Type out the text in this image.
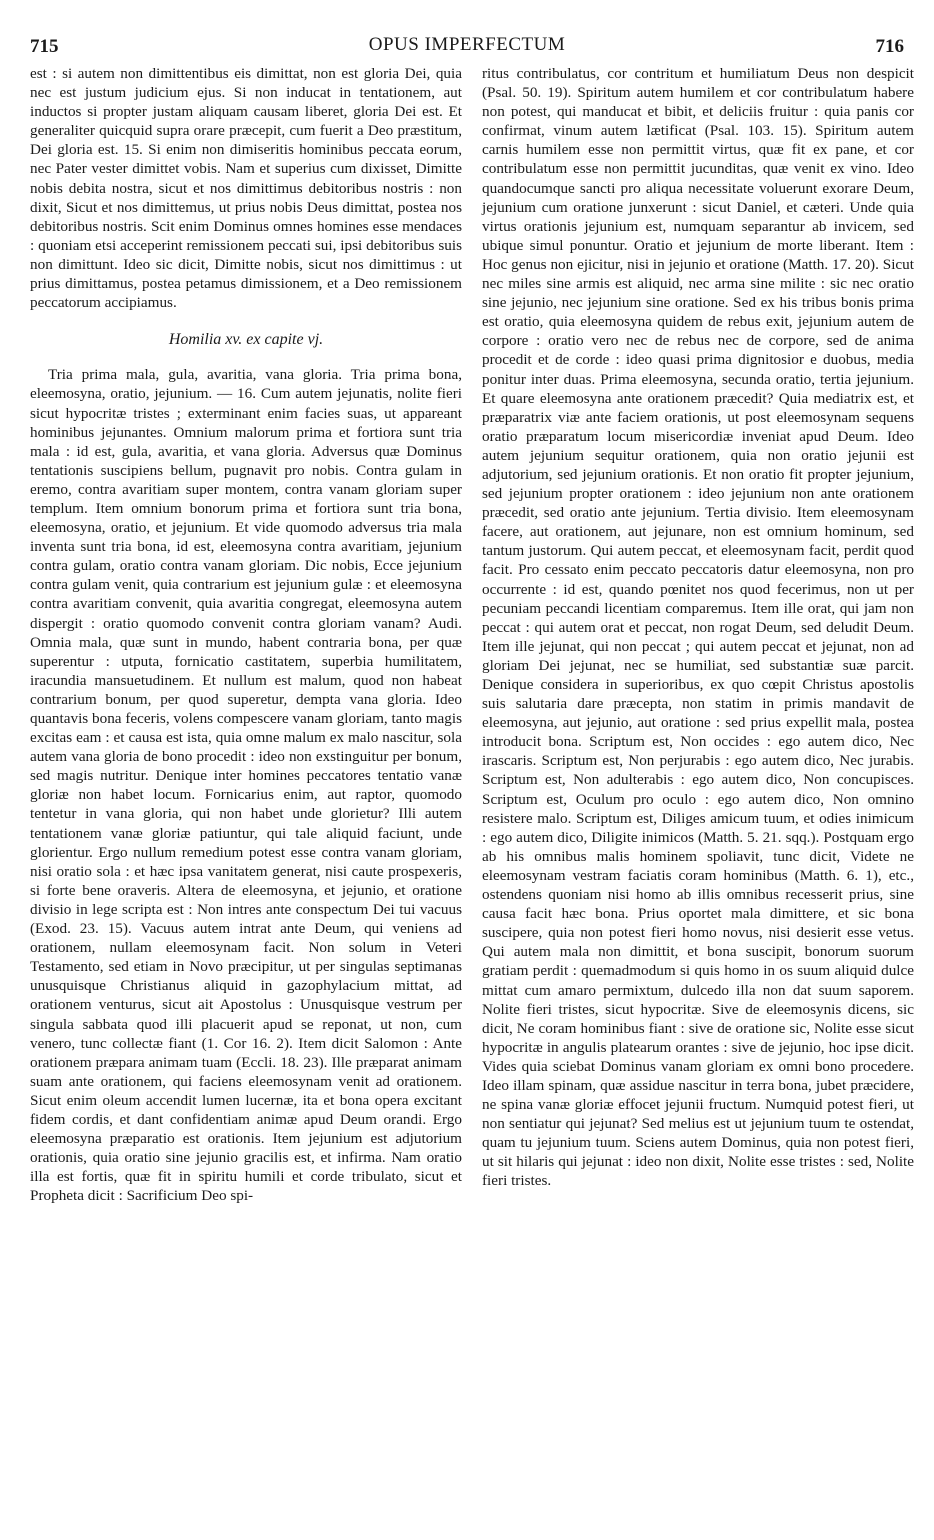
715	OPUS IMPERFECTUM	716

est : si autem non dimittentibus eis dimittat, non est gloria Dei, quia nec est justum judicium ejus. Si non inducat in tentationem, aut inductos si propter justam aliquam causam liberet, gloria Dei est. Et generaliter quicquid supra orare præcepit, cum fuerit a Deo præstitum, Dei gloria est. 15. Si enim non dimiseritis hominibus peccata eorum, nec Pater vester dimittet vobis. Nam et superius cum dixisset, Dimitte nobis debita nostra, sicut et nos dimittimus debitoribus nostris : non dixit, Sicut et nos dimittemus, ut prius nobis Deus dimittat, postea nos debitoribus nostris. Scit enim Dominus omnes homines esse mendaces : quoniam etsi acceperint remissionem peccati sui, ipsi debitoribus suis non dimittunt. Ideo sic dicit, Dimitte nobis, sicut nos dimittimus : ut prius dimittamus, postea petamus dimissionem, et a Deo remissionem peccatorum accipiamus.

Homilia xv. ex capite vj.

Tria prima mala, gula, avaritia, vana gloria. Tria prima bona, eleemosyna, oratio, jejunium. — 16. Cum autem jejunatis, nolite fieri sicut hypocritæ tristes ; exterminant enim facies suas, ut appareant hominibus jejunantes. Omnium malorum prima et fortiora sunt tria mala : id est, gula, avaritia, et vana gloria. Adversus quæ Dominus tentationis suscipiens bellum, pugnavit pro nobis. Contra gulam in eremo, contra avaritiam super montem, contra vanam gloriam super templum. Item omnium bonorum prima et fortiora sunt tria bona, eleemosyna, oratio, et jejunium. Et vide quomodo adversus tria mala inventa sunt tria bona, id est, eleemosyna contra avaritiam, jejunium contra gulam, oratio contra vanam gloriam. Dic nobis, Ecce jejunium contra gulam venit, quia contrarium est jejunium gulæ : et eleemosyna contra avaritiam convenit, quia avaritia congregat, eleemosyna autem dispergit : oratio quomodo convenit contra gloriam vanam? Audi. Omnia mala, quæ sunt in mundo, habent contraria bona, per quæ superentur : utputa, fornicatio castitatem, superbia humilitatem, iracundia mansuetudinem. Et nullum est malum, quod non habeat contrarium bonum, per quod superetur, dempta vana gloria. Ideo quantavis bona feceris, volens compescere vanam gloriam, tanto magis excitas eam : et causa est ista, quia omne malum ex malo nascitur, sola autem vana gloria de bono procedit : ideo non exstinguitur per bonum, sed magis nutritur. Denique inter homines peccatores tentatio vanæ gloriæ non habet locum. Fornicarius enim, aut raptor, quomodo tentetur in vana gloria, qui non habet unde glorietur? Illi autem tentationem vanæ gloriæ patiuntur, qui tale aliquid faciunt, unde glorientur. Ergo nullum remedium potest esse contra vanam gloriam, nisi oratio sola : et hæc ipsa vanitatem generat, nisi caute prospexeris, si forte bene oraveris. Altera de eleemosyna, et jejunio, et oratione divisio in lege scripta est : Non intres ante conspectum Dei tui vacuus (Exod. 23. 15). Vacuus autem intrat ante Deum, qui veniens ad orationem, nullam eleemosynam facit. Non solum in Veteri Testamento, sed etiam in Novo præcipitur, ut per singulas septimanas unusquisque Christianus aliquid in gazophylacium mittat, ad orationem venturus, sicut ait Apostolus : Unusquisque vestrum per singula sabbata quod illi placuerit apud se reponat, ut non, cum venero, tunc collectæ fiant (1. Cor 16. 2). Item dicit Salomon : Ante orationem præpara animam tuam (Eccli. 18. 23). Ille præparat animam suam ante orationem, qui faciens eleemosynam venit ad orationem. Sicut enim oleum accendit lumen lucernæ, ita et bona opera excitant fidem cordis, et dant confidentiam animæ apud Deum orandi. Ergo eleemosyna præparatio est orationis. Item jejunium est adjutorium orationis, quia oratio sine jejunio gracilis est, et infirma. Nam oratio illa est fortis, quæ fit in spiritu humili et corde tribulato, sicut et Propheta dicit : Sacrificium Deo spi-

ritus contribulatus, cor contritum et humiliatum Deus non despicit (Psal. 50. 19). Spiritum autem humilem et cor contribulatum habere non potest, qui manducat et bibit, et deliciis fruitur : quia panis cor confirmat, vinum autem lætificat (Psal. 103. 15). Spiritum autem carnis humilem esse non permittit virtus, quæ fit ex pane, et cor contribulatum esse non permittit jucunditas, quæ venit ex vino. Ideo quandocumque sancti pro aliqua necessitate voluerunt exorare Deum, jejunium cum oratione junxerunt : sicut Daniel, et cæteri. Unde quia virtus orationis jejunium est, numquam separantur ab invicem, sed ubique simul ponuntur. Oratio et jejunium de morte liberant. Item : Hoc genus non ejicitur, nisi in jejunio et oratione (Matth. 17. 20). Sicut nec miles sine armis est aliquid, nec arma sine milite : sic nec oratio sine jejunio, nec jejunium sine oratione. Sed ex his tribus bonis prima est oratio, quia eleemosyna quidem de rebus exit, jejunium autem de corpore : oratio vero nec de rebus nec de corpore, sed de anima procedit et de corde : ideo quasi prima dignitosior e duobus, media ponitur inter duas. Prima eleemosyna, secunda oratio, tertia jejunium. Et quare eleemosyna ante orationem præcedit? Quia mediatrix est, et præparatrix viæ ante faciem orationis, ut post eleemosynam sequens oratio præparatum locum misericordiæ inveniat apud Deum. Ideo autem jejunium sequitur orationem, quia non oratio jejunii est adjutorium, sed jejunium orationis. Et non oratio fit propter jejunium, sed jejunium propter orationem : ideo jejunium non ante orationem præcedit, sed oratio ante jejunium. Tertia divisio. Item eleemosynam facere, aut orationem, aut jejunare, non est omnium hominum, sed tantum justorum. Qui autem peccat, et eleemosynam facit, perdit quod facit. Pro cessato enim peccato peccatoris datur eleemosyna, non pro occurrente : id est, quando pœnitet nos quod fecerimus, non ut per pecuniam peccandi licentiam comparemus. Item ille orat, qui jam non peccat : qui autem orat et peccat, non rogat Deum, sed deludit Deum. Item ille jejunat, qui non peccat ; qui autem peccat et jejunat, non ad gloriam Dei jejunat, nec se humiliat, sed substantiæ suæ parcit. Denique considera in superioribus, ex quo cœpit Christus apostolis suis salutaria dare præcepta, non statim in primis mandavit de eleemosyna, aut jejunio, aut oratione : sed prius expellit mala, postea introducit bona. Scriptum est, Non occides : ego autem dico, Nec irascaris. Scriptum est, Non perjurabis : ego autem dico, Nec jurabis. Scriptum est, Non adulterabis : ego autem dico, Non concupisces. Scriptum est, Oculum pro oculo : ego autem dico, Non omnino resistere malo. Scriptum est, Diliges amicum tuum, et odies inimicum : ego autem dico, Diligite inimicos (Matth. 5. 21. sqq.). Postquam ergo ab his omnibus malis hominem spoliavit, tunc dicit, Videte ne eleemosynam vestram faciatis coram hominibus (Matth. 6. 1), etc., ostendens quoniam nisi homo ab illis omnibus recesserit prius, sine causa facit hæc bona. Prius oportet mala dimittere, et sic bona suscipere, quia non potest fieri homo novus, nisi desierit esse vetus. Qui autem mala non dimittit, et bona suscipit, bonorum suorum gratiam perdit : quemadmodum si quis homo in os suum aliquid dulce mittat cum amaro permixtum, dulcedo illa non dat suum saporem. Nolite fieri tristes, sicut hypocritæ. Sive de eleemosynis dicens, sic dicit, Ne coram hominibus fiant : sive de oratione sic, Nolite esse sicut hypocritæ in angulis platearum orantes : sive de jejunio, hoc ipse dicit. Vides quia sciebat Dominus vanam gloriam ex omni bono procedere. Ideo illam spinam, quæ assidue nascitur in terra bona, jubet præcidere, ne spina vanæ gloriæ effocet jejunii fructum. Numquid potest fieri, ut non sentiatur qui jejunat? Sed melius est ut jejunium tuum te ostendat, quam tu jejunium tuum. Sciens autem Dominus, quia non potest fieri, ut sit hilaris qui jejunat : ideo non dixit, Nolite esse tristes : sed, Nolite fieri tristes.
